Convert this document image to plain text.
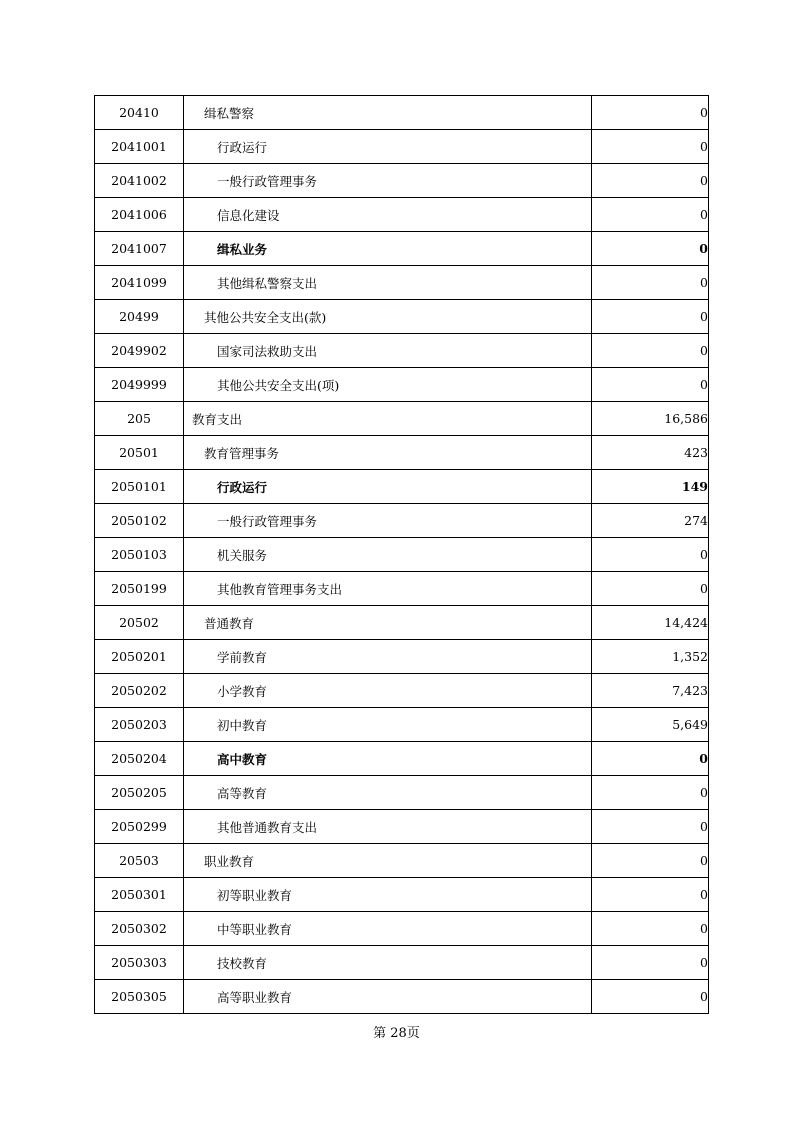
20410	缉私警察	0
2041001	行政运行	0
2041002	一般行政管理事务	0
2041006	信息化建设	0
2041007	缉私业务	0
2041099	其他缉私警察支出	0
20499	其他公共安全支出(款)	0
2049902	国家司法救助支出	0
2049999	其他公共安全支出(项)	0
205	教育支出	16,586
20501	教育管理事务	423
2050101	行政运行	149
2050102	一般行政管理事务	274
2050103	机关服务	0
2050199	其他教育管理事务支出	0
20502	普通教育	14,424
2050201	学前教育	1,352
2050202	小学教育	7,423
2050203	初中教育	5,649
2050204	高中教育	0
2050205	高等教育	0
2050299	其他普通教育支出	0
20503	职业教育	0
2050301	初等职业教育	0
2050302	中等职业教育	0
2050303	技校教育	0
2050305	高等职业教育	0
第 28页
